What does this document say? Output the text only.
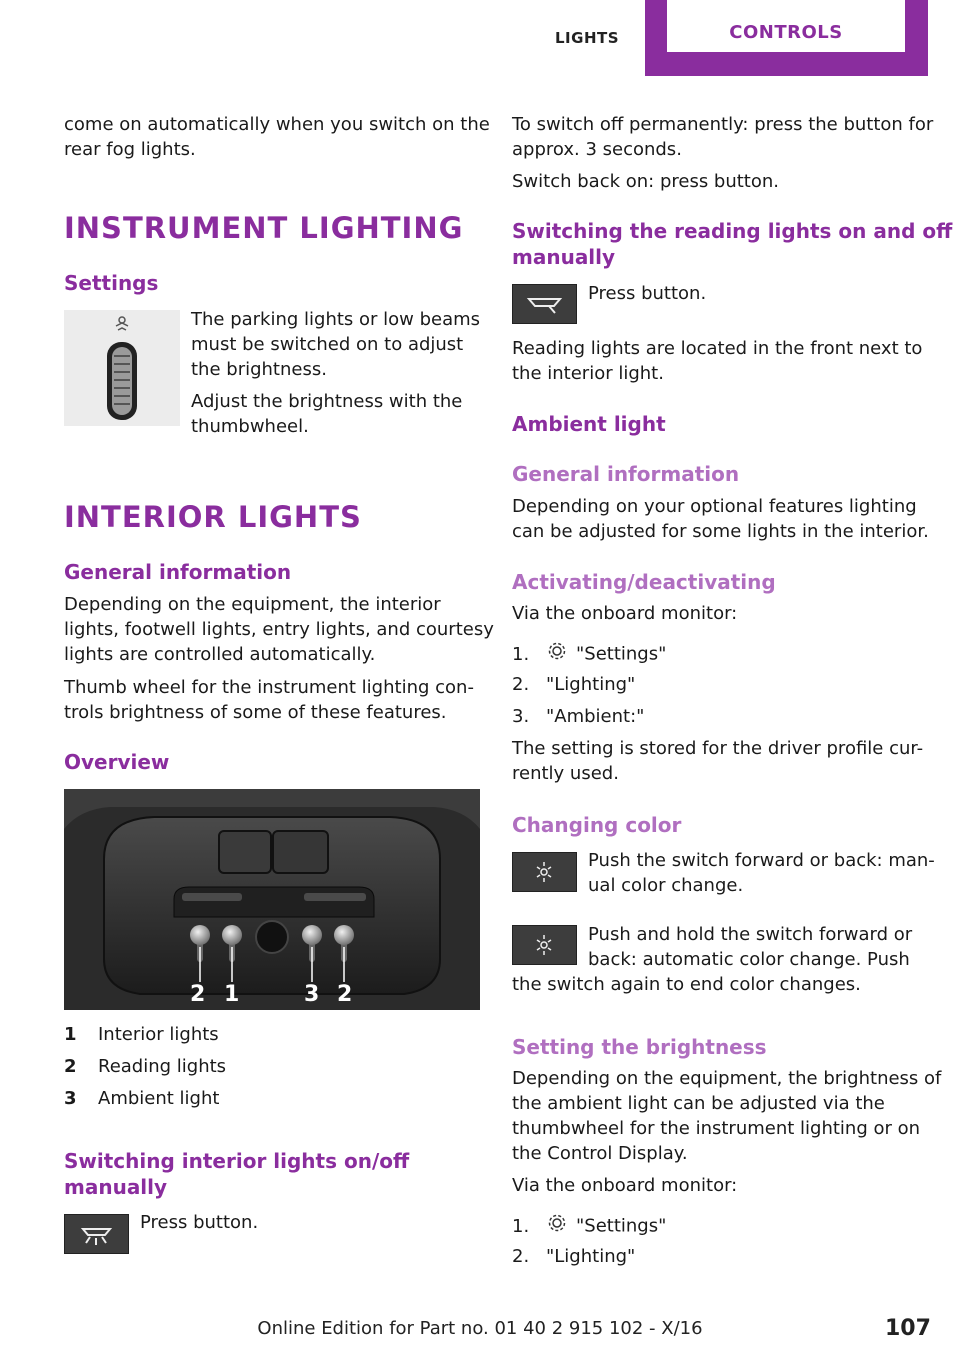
LIGHTS	CONTROLS
come on automatically when you switch on the
rear fog lights.
INSTRUMENT LIGHTING
Settings
The parking lights or low beams
must be switched on to adjust
the brightness.
Adjust the brightness with the
thumbwheel.
INTERIOR LIGHTS
General information
Depending on the equipment, the interior
lights, footwell lights, entry lights, and courtesy
lights are controlled automatically.
Thumb wheel for the instrument lighting con-
trols brightness of some of these features.
Overview
2 1	3 2
1 Interior lights
2 Reading lights
3 Ambient light
Switching interior lights on/off
manually
Press button.
To switch off permanently: press the button for
approx. 3 seconds.
Switch back on: press button.
Switching the reading lights on and off
manually
Press button.
Reading lights are located in the front next to
the interior light.
Ambient light
General information
Depending on your optional features lighting
can be adjusted for some lights in the interior.
Activating/deactivating
Via the onboard monitor:
1.	"Settings"
2. "Lighting"
3. "Ambient:"
The setting is stored for the driver profile cur-
rently used.
Changing color
Push the switch forward or back: man-
ual color change.
Push and hold the switch forward or
back: automatic color change. Push
the switch again to end color changes.
Setting the brightness
Depending on the equipment, the brightness of
the ambient light can be adjusted via the
thumbwheel for the instrument lighting or on
the Control Display.
Via the onboard monitor:
1.	"Settings"
2. "Lighting"
Online Edition for Part no. 01 40 2 915 102 - X/16	107
